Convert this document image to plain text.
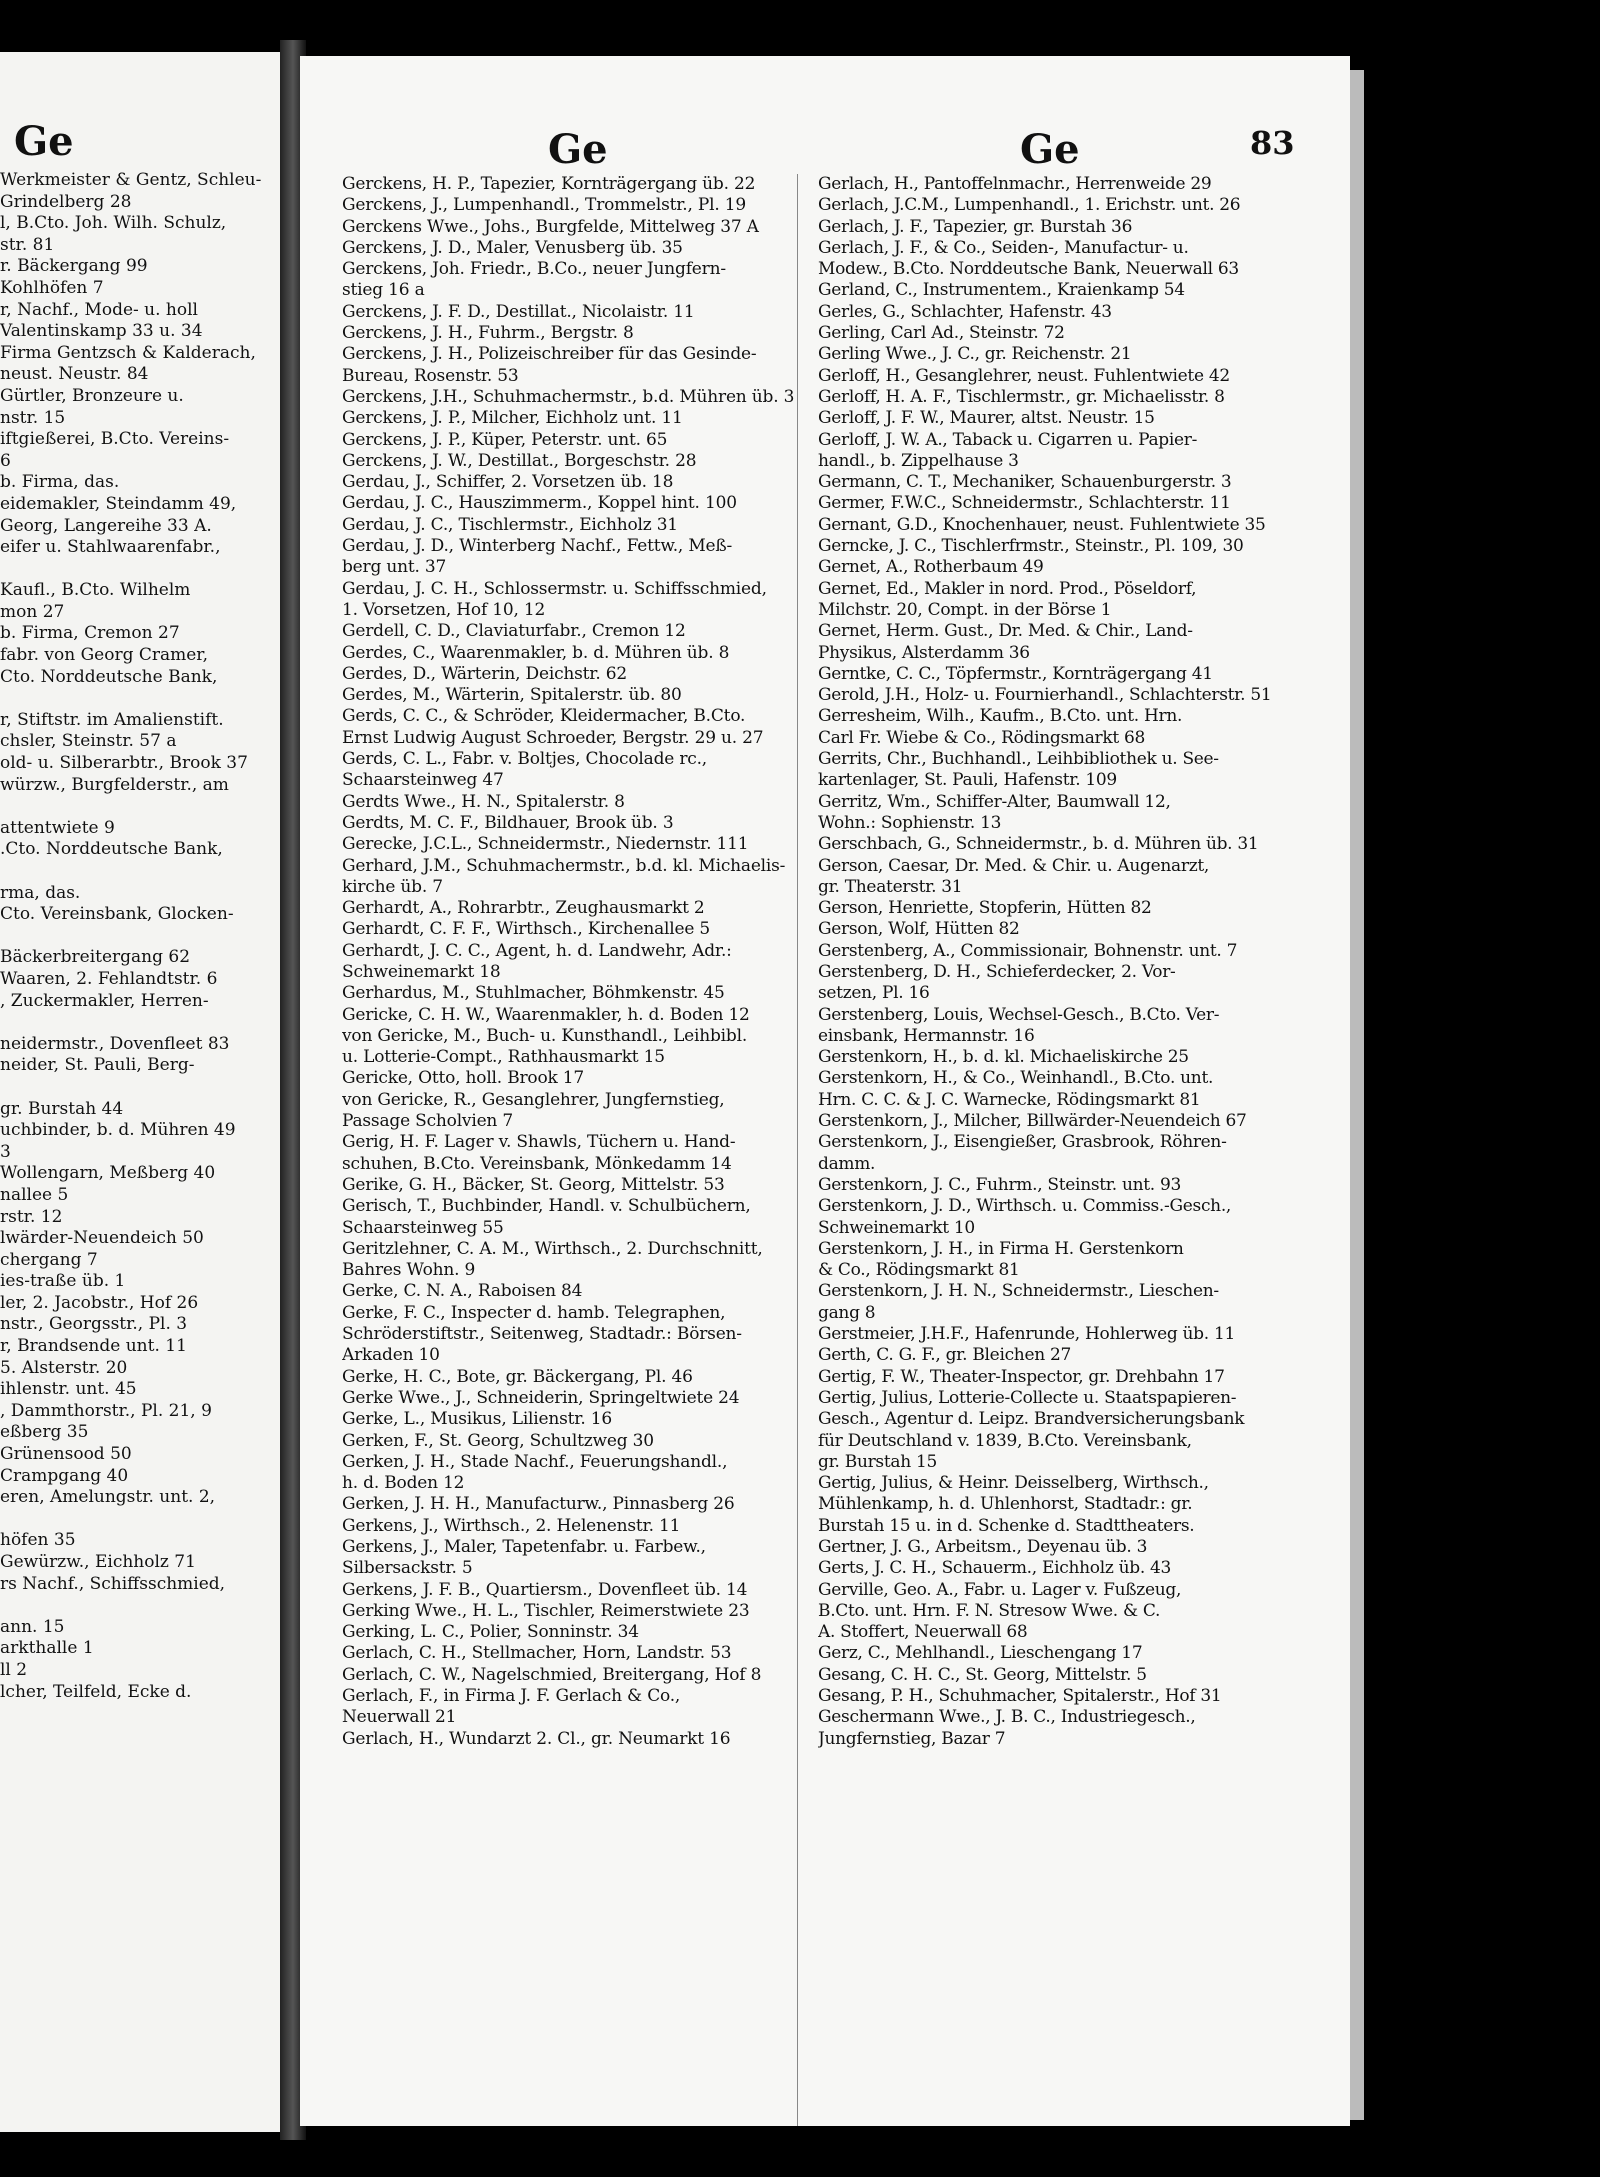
Ge
Werkmeister & Gentz, Schleu-
Grindelberg 28
l, B.Cto. Joh. Wilh. Schulz,
str. 81
r. Bäckergang 99
Kohlhöfen 7
r, Nachf., Mode- u. holl
Valentinskamp 33 u. 34
Firma Gentzsch & Kalderach,
neust. Neustr. 84
Gürtler, Bronzeure u.
nstr. 15
iftgießerei, B.Cto. Vereins-
6
b. Firma, das.
eidemakler, Steindamm 49,
Georg, Langereihe 33 A.
eifer u. Stahlwaarenfabr.,
Kaufl., B.Cto. Wilhelm
mon 27
b. Firma, Cremon 27
fabr. von Georg Cramer,
Cto. Norddeutsche Bank,
r, Stiftstr. im Amalienstift.
chsler, Steinstr. 57 a
old- u. Silberarbtr., Brook 37
würzw., Burgfelderstr., am
attentwiete 9
.Cto. Norddeutsche Bank,
rma, das.
Cto. Vereinsbank, Glocken-
Bäckerbreitergang 62
Waaren, 2. Fehlandtstr. 6
, Zuckermakler, Herren-
neidermstr., Dovenfleet 83
neider, St. Pauli, Berg-
gr. Burstah 44
uchbinder, b. d. Mühren 49
3
Wollengarn, Meßberg 40
nallee 5
rstr. 12
lwärder-Neuendeich 50
chergang 7
ies-traße üb. 1
ler, 2. Jacobstr., Hof 26
nstr., Georgsstr., Pl. 3
r, Brandsende unt. 11
5. Alsterstr. 20
ihlenstr. unt. 45
, Dammthorstr., Pl. 21, 9
eßberg 35
Grünensood 50
Crampgang 40
eren, Amelungstr. unt. 2,
höfen 35
Gewürzw., Eichholz 71
rs Nachf., Schiffsschmied,
ann. 15
arkthalle 1
ll 2
lcher, Teilfeld, Ecke d.
Ge	Ge	83
Gerckens, H. P., Tapezier, Kornträgergang üb. 22
Gerckens, J., Lumpenhandl., Trommelstr., Pl. 19
Gerckens Wwe., Johs., Burgfelde, Mittelweg 37 A
Gerckens, J. D., Maler, Venusberg üb. 35
Gerckens, Joh. Friedr., B.Co., neuer Jungfern-
stieg 16 a
Gerckens, J. F. D., Destillat., Nicolaistr. 11
Gerckens, J. H., Fuhrm., Bergstr. 8
Gerckens, J. H., Polizeischreiber für das Gesinde-
Bureau, Rosenstr. 53
Gerckens, J.H., Schuhmachermstr., b.d. Mühren üb. 3
Gerckens, J. P., Milcher, Eichholz unt. 11
Gerckens, J. P., Küper, Peterstr. unt. 65
Gerckens, J. W., Destillat., Borgeschstr. 28
Gerdau, J., Schiffer, 2. Vorsetzen üb. 18
Gerdau, J. C., Hauszimmerm., Koppel hint. 100
Gerdau, J. C., Tischlermstr., Eichholz 31
Gerdau, J. D., Winterberg Nachf., Fettw., Meß-
berg unt. 37
Gerdau, J. C. H., Schlossermstr. u. Schiffsschmied,
1. Vorsetzen, Hof 10, 12
Gerdell, C. D., Claviaturfabr., Cremon 12
Gerdes, C., Waarenmakler, b. d. Mühren üb. 8
Gerdes, D., Wärterin, Deichstr. 62
Gerdes, M., Wärterin, Spitalerstr. üb. 80
Gerds, C. C., & Schröder, Kleidermacher, B.Cto.
Ernst Ludwig August Schroeder, Bergstr. 29 u. 27
Gerds, C. L., Fabr. v. Boltjes, Chocolade rc.,
Schaarsteinweg 47
Gerdts Wwe., H. N., Spitalerstr. 8
Gerdts, M. C. F., Bildhauer, Brook üb. 3
Gerecke, J.C.L., Schneidermstr., Niedernstr. 111
Gerhard, J.M., Schuhmachermstr., b.d. kl. Michaelis-
kirche üb. 7
Gerhardt, A., Rohrarbtr., Zeughausmarkt 2
Gerhardt, C. F. F., Wirthsch., Kirchenallee 5
Gerhardt, J. C. C., Agent, h. d. Landwehr, Adr.:
Schweinemarkt 18
Gerhardus, M., Stuhlmacher, Böhmkenstr. 45
Gericke, C. H. W., Waarenmakler, h. d. Boden 12
von Gericke, M., Buch- u. Kunsthandl., Leihbibl.
u. Lotterie-Compt., Rathhausmarkt 15
Gericke, Otto, holl. Brook 17
von Gericke, R., Gesanglehrer, Jungfernstieg,
Passage Scholvien 7
Gerig, H. F. Lager v. Shawls, Tüchern u. Hand-
schuhen, B.Cto. Vereinsbank, Mönkedamm 14
Gerike, G. H., Bäcker, St. Georg, Mittelstr. 53
Gerisch, T., Buchbinder, Handl. v. Schulbüchern,
Schaarsteinweg 55
Geritzlehner, C. A. M., Wirthsch., 2. Durchschnitt,
Bahres Wohn. 9
Gerke, C. N. A., Raboisen 84
Gerke, F. C., Inspecter d. hamb. Telegraphen,
Schröderstiftstr., Seitenweg, Stadtadr.: Börsen-
Arkaden 10
Gerke, H. C., Bote, gr. Bäckergang, Pl. 46
Gerke Wwe., J., Schneiderin, Springeltwiete 24
Gerke, L., Musikus, Lilienstr. 16
Gerken, F., St. Georg, Schultzweg 30
Gerken, J. H., Stade Nachf., Feuerungshandl.,
h. d. Boden 12
Gerken, J. H. H., Manufacturw., Pinnasberg 26
Gerkens, J., Wirthsch., 2. Helenenstr. 11
Gerkens, J., Maler, Tapetenfabr. u. Farbew.,
Silbersackstr. 5
Gerkens, J. F. B., Quartiersm., Dovenfleet üb. 14
Gerking Wwe., H. L., Tischler, Reimerstwiete 23
Gerking, L. C., Polier, Sonninstr. 34
Gerlach, C. H., Stellmacher, Horn, Landstr. 53
Gerlach, C. W., Nagelschmied, Breitergang, Hof 8
Gerlach, F., in Firma J. F. Gerlach & Co.,
Neuerwall 21
Gerlach, H., Wundarzt 2. Cl., gr. Neumarkt 16
Gerlach, H., Pantoffelnmachr., Herrenweide 29
Gerlach, J.C.M., Lumpenhandl., 1. Erichstr. unt. 26
Gerlach, J. F., Tapezier, gr. Burstah 36
Gerlach, J. F., & Co., Seiden-, Manufactur- u.
Modew., B.Cto. Norddeutsche Bank, Neuerwall 63
Gerland, C., Instrumentem., Kraienkamp 54
Gerles, G., Schlachter, Hafenstr. 43
Gerling, Carl Ad., Steinstr. 72
Gerling Wwe., J. C., gr. Reichenstr. 21
Gerloff, H., Gesanglehrer, neust. Fuhlentwiete 42
Gerloff, H. A. F., Tischlermstr., gr. Michaelisstr. 8
Gerloff, J. F. W., Maurer, altst. Neustr. 15
Gerloff, J. W. A., Taback u. Cigarren u. Papier-
handl., b. Zippelhause 3
Germann, C. T., Mechaniker, Schauenburgerstr. 3
Germer, F.W.C., Schneidermstr., Schlachterstr. 11
Gernant, G.D., Knochenhauer, neust. Fuhlentwiete 35
Gerncke, J. C., Tischlerfrmstr., Steinstr., Pl. 109, 30
Gernet, A., Rotherbaum 49
Gernet, Ed., Makler in nord. Prod., Pöseldorf,
Milchstr. 20, Compt. in der Börse 1
Gernet, Herm. Gust., Dr. Med. & Chir., Land-
Physikus, Alsterdamm 36
Gerntke, C. C., Töpfermstr., Kornträgergang 41
Gerold, J.H., Holz- u. Fournierhandl., Schlachterstr. 51
Gerresheim, Wilh., Kaufm., B.Cto. unt. Hrn.
Carl Fr. Wiebe & Co., Rödingsmarkt 68
Gerrits, Chr., Buchhandl., Leihbibliothek u. See-
kartenlager, St. Pauli, Hafenstr. 109
Gerritz, Wm., Schiffer-Alter, Baumwall 12,
Wohn.: Sophienstr. 13
Gerschbach, G., Schneidermstr., b. d. Mühren üb. 31
Gerson, Caesar, Dr. Med. & Chir. u. Augenarzt,
gr. Theaterstr. 31
Gerson, Henriette, Stopferin, Hütten 82
Gerson, Wolf, Hütten 82
Gerstenberg, A., Commissionair, Bohnenstr. unt. 7
Gerstenberg, D. H., Schieferdecker, 2. Vor-
setzen, Pl. 16
Gerstenberg, Louis, Wechsel-Gesch., B.Cto. Ver-
einsbank, Hermannstr. 16
Gerstenkorn, H., b. d. kl. Michaeliskirche 25
Gerstenkorn, H., & Co., Weinhandl., B.Cto. unt.
Hrn. C. C. & J. C. Warnecke, Rödingsmarkt 81
Gerstenkorn, J., Milcher, Billwärder-Neuendeich 67
Gerstenkorn, J., Eisengießer, Grasbrook, Röhren-
damm.
Gerstenkorn, J. C., Fuhrm., Steinstr. unt. 93
Gerstenkorn, J. D., Wirthsch. u. Commiss.-Gesch.,
Schweinemarkt 10
Gerstenkorn, J. H., in Firma H. Gerstenkorn
& Co., Rödingsmarkt 81
Gerstenkorn, J. H. N., Schneidermstr., Lieschen-
gang 8
Gerstmeier, J.H.F., Hafenrunde, Hohlerweg üb. 11
Gerth, C. G. F., gr. Bleichen 27
Gertig, F. W., Theater-Inspector, gr. Drehbahn 17
Gertig, Julius, Lotterie-Collecte u. Staatspapieren-
Gesch., Agentur d. Leipz. Brandversicherungsbank
für Deutschland v. 1839, B.Cto. Vereinsbank,
gr. Burstah 15
Gertig, Julius, & Heinr. Deisselberg, Wirthsch.,
Mühlenkamp, h. d. Uhlenhorst, Stadtadr.: gr.
Burstah 15 u. in d. Schenke d. Stadttheaters.
Gertner, J. G., Arbeitsm., Deyenau üb. 3
Gerts, J. C. H., Schauerm., Eichholz üb. 43
Gerville, Geo. A., Fabr. u. Lager v. Fußzeug,
B.Cto. unt. Hrn. F. N. Stresow Wwe. & C.
A. Stoffert, Neuerwall 68
Gerz, C., Mehlhandl., Lieschengang 17
Gesang, C. H. C., St. Georg, Mittelstr. 5
Gesang, P. H., Schuhmacher, Spitalerstr., Hof 31
Geschermann Wwe., J. B. C., Industriegesch.,
Jungfernstieg, Bazar 7
